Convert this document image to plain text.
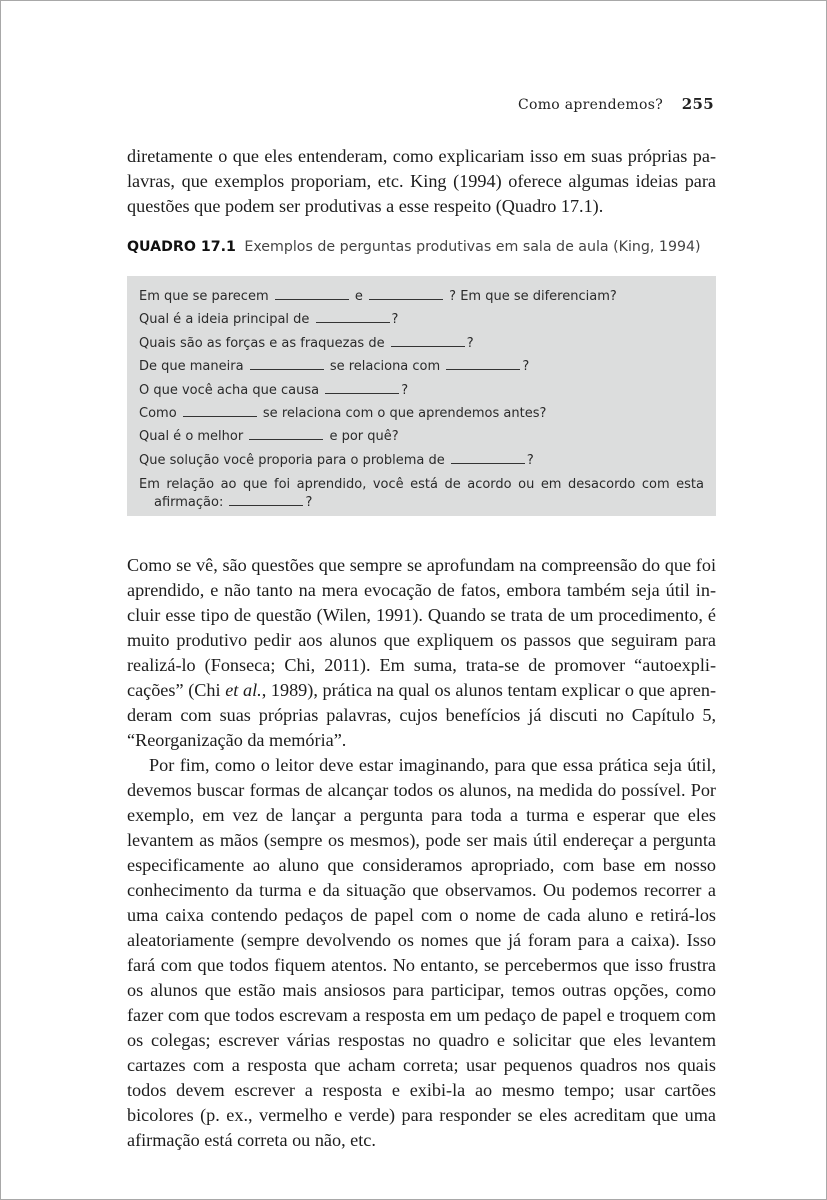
Como aprendemos? 255

diretamente o que eles entenderam, como explicariam isso em suas próprias palavras, que exemplos proporiam, etc. King (1994) oferece algumas ideias para questões que podem ser produtivas a esse respeito (Quadro 17.1).

QUADRO 17.1 Exemplos de perguntas produtivas em sala de aula (King, 1994)
Em que se parecem	e	? Em que se diferenciam?
Qual é a ideia principal de	?
Quais são as forças e as fraquezas de	?
De que maneira	se relaciona com	?
O que você acha que causa	?
Como	se relaciona com o que aprendemos antes?
Qual é o melhor	e por quê?
Que solução você proporia para o problema de	?
Em relação ao que foi aprendido, você está de acordo ou em desacordo com esta afirmação:	?

Como se vê, são questões que sempre se aprofundam na compreensão do que foi aprendido, e não tanto na mera evocação de fatos, embora também seja útil incluir esse tipo de questão (Wilen, 1991). Quando se trata de um procedimento, é muito produtivo pedir aos alunos que expliquem os passos que seguiram para realizá-lo (Fonseca; Chi, 2011). Em suma, trata-se de promover “autoexplicações” (Chi et al., 1989), prática na qual os alunos tentam explicar o que aprenderam com suas próprias palavras, cujos benefícios já discuti no Capítulo 5, “Reorganização da memória”.

Por fim, como o leitor deve estar imaginando, para que essa prática seja útil, devemos buscar formas de alcançar todos os alunos, na medida do possível. Por exemplo, em vez de lançar a pergunta para toda a turma e esperar que eles levantem as mãos (sempre os mesmos), pode ser mais útil endereçar a pergunta especificamente ao aluno que consideramos apropriado, com base em nosso conhecimento da turma e da situação que observamos. Ou podemos recorrer a uma caixa contendo pedaços de papel com o nome de cada aluno e retirá-los aleatoriamente (sempre devolvendo os nomes que já foram para a caixa). Isso fará com que todos fiquem atentos. No entanto, se percebermos que isso frustra os alunos que estão mais ansiosos para participar, temos outras opções, como fazer com que todos escrevam a resposta em um pedaço de papel e troquem com os colegas; escrever várias respostas no quadro e solicitar que eles levantem cartazes com a resposta que acham correta; usar pequenos quadros nos quais todos devem escrever a resposta e exibi-la ao mesmo tempo; usar cartões bicolores (p. ex., vermelho e verde) para responder se eles acreditam que uma afirmação está correta ou não, etc.
